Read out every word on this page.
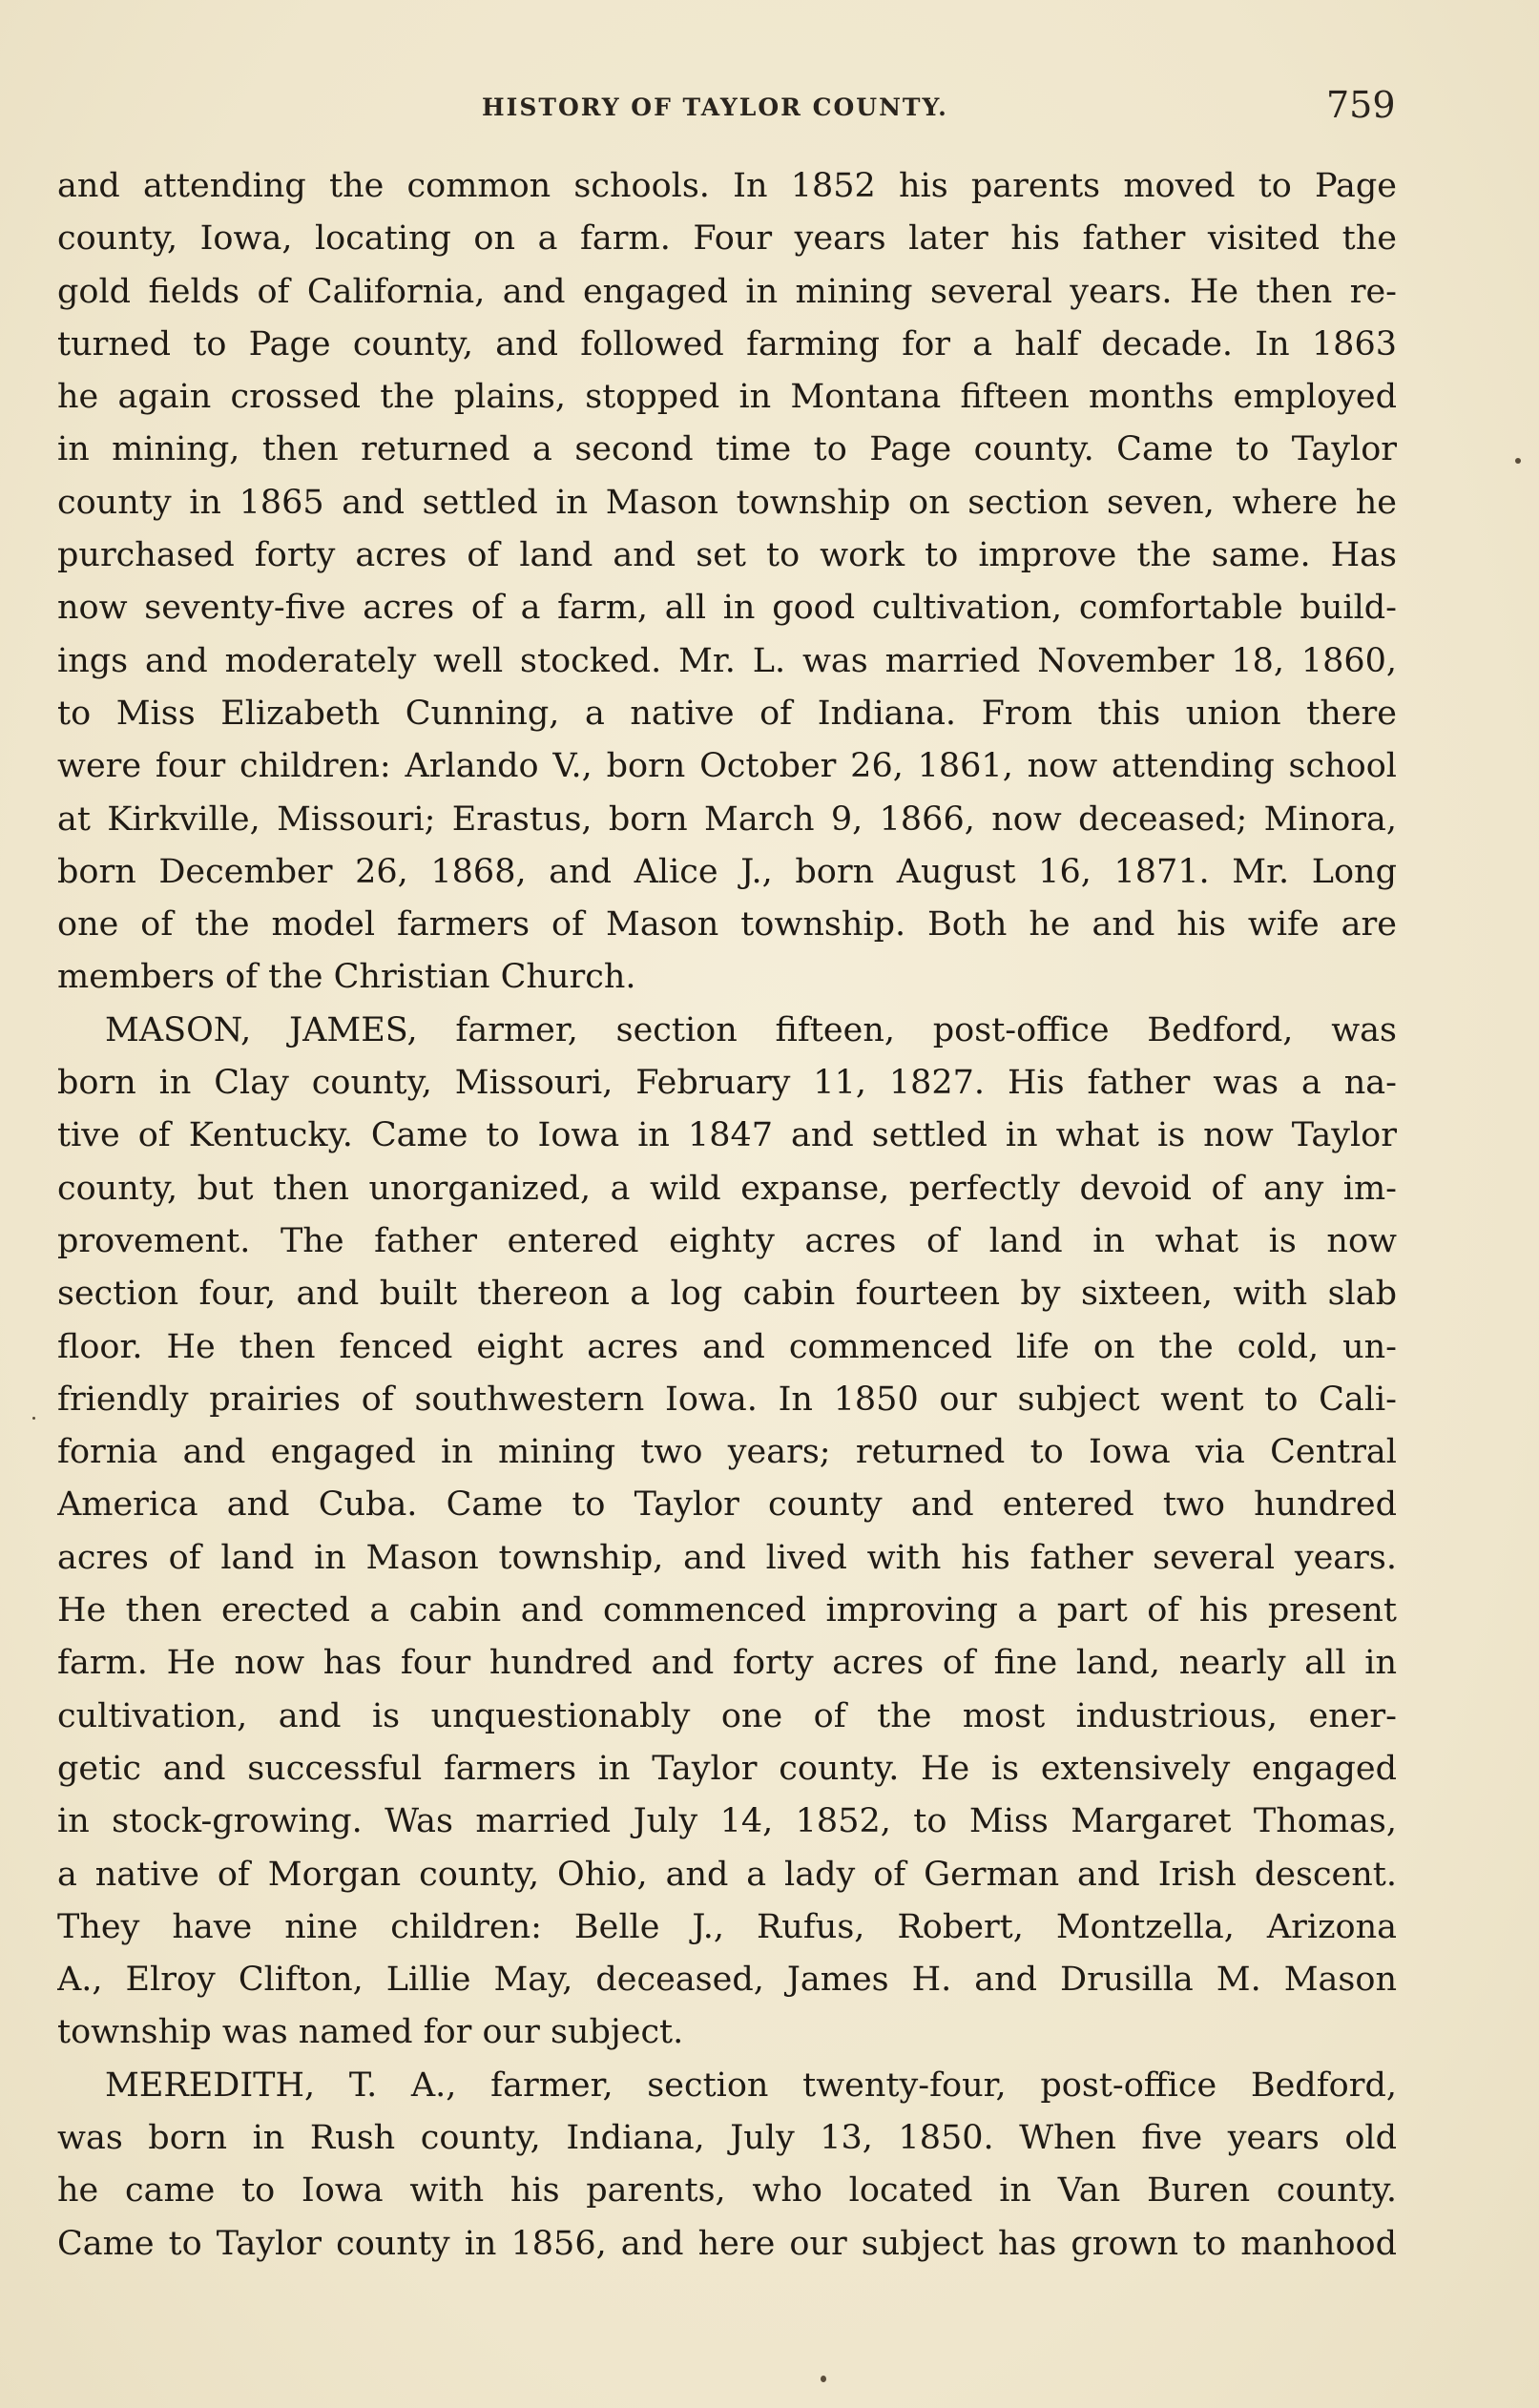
HISTORY OF TAYLOR COUNTY.	759
and attending the common schools. In 1852 his parents moved to Page
county, Iowa, locating on a farm. Four years later his father visited the
gold fields of California, and engaged in mining several years. He then re-
turned to Page county, and followed farming for a half decade. In 1863
he again crossed the plains, stopped in Montana fifteen months employed
in mining, then returned a second time to Page county. Came to Taylor
county in 1865 and settled in Mason township on section seven, where he
purchased forty acres of land and set to work to improve the same. Has
now seventy-five acres of a farm, all in good cultivation, comfortable build-
ings and moderately well stocked. Mr. L. was married November 18, 1860,
to Miss Elizabeth Cunning, a native of Indiana. From this union there
were four children: Arlando V., born October 26, 1861, now attending school
at Kirkville, Missouri; Erastus, born March 9, 1866, now deceased; Minora,
born December 26, 1868, and Alice J., born August 16, 1871. Mr. Long
one of the model farmers of Mason township. Both he and his wife are
members of the Christian Church.
MASON, JAMES, farmer, section fifteen, post-office Bedford, was
born in Clay county, Missouri, February 11, 1827. His father was a na-
tive of Kentucky. Came to Iowa in 1847 and settled in what is now Taylor
county, but then unorganized, a wild expanse, perfectly devoid of any im-
provement. The father entered eighty acres of land in what is now
section four, and built thereon a log cabin fourteen by sixteen, with slab
floor. He then fenced eight acres and commenced life on the cold, un-
friendly prairies of southwestern Iowa. In 1850 our subject went to Cali-
fornia and engaged in mining two years; returned to Iowa via Central
America and Cuba. Came to Taylor county and entered two hundred
acres of land in Mason township, and lived with his father several years.
He then erected a cabin and commenced improving a part of his present
farm. He now has four hundred and forty acres of fine land, nearly all in
cultivation, and is unquestionably one of the most industrious, ener-
getic and successful farmers in Taylor county. He is extensively engaged
in stock-growing. Was married July 14, 1852, to Miss Margaret Thomas,
a native of Morgan county, Ohio, and a lady of German and Irish descent.
They have nine children: Belle J., Rufus, Robert, Montzella, Arizona
A., Elroy Clifton, Lillie May, deceased, James H. and Drusilla M. Mason
township was named for our subject.
MEREDITH, T. A., farmer, section twenty-four, post-office Bedford,
was born in Rush county, Indiana, July 13, 1850. When five years old
he came to Iowa with his parents, who located in Van Buren county.
Came to Taylor county in 1856, and here our subject has grown to manhood
